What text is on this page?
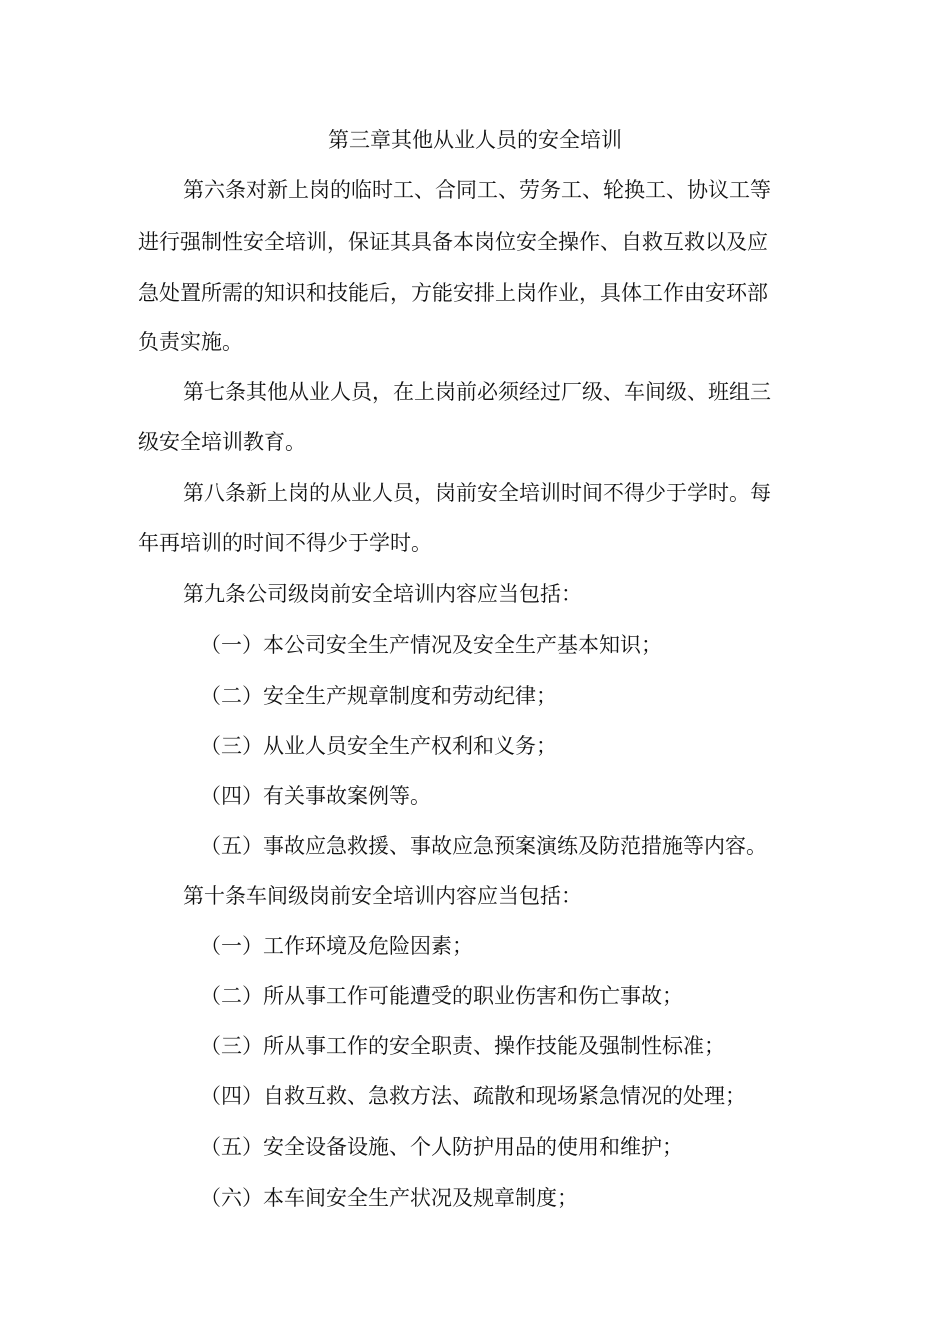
第三章其他从业人员的安全培训
第六条对新上岗的临时工、合同工、劳务工、轮换工、协议工等
进行强制性安全培训，保证其具备本岗位安全操作、自救互救以及应
急处置所需的知识和技能后，方能安排上岗作业，具体工作由安环部
负责实施。
第七条其他从业人员，在上岗前必须经过厂级、车间级、班组三
级安全培训教育。
第八条新上岗的从业人员，岗前安全培训时间不得少于学时。每
年再培训的时间不得少于学时。
第九条公司级岗前安全培训内容应当包括：
（一）本公司安全生产情况及安全生产基本知识；
（二）安全生产规章制度和劳动纪律；
（三）从业人员安全生产权利和义务；
（四）有关事故案例等。
（五）事故应急救援、事故应急预案演练及防范措施等内容。
第十条车间级岗前安全培训内容应当包括：
（一）工作环境及危险因素；
（二）所从事工作可能遭受的职业伤害和伤亡事故；
（三）所从事工作的安全职责、操作技能及强制性标准；
（四）自救互救、急救方法、疏散和现场紧急情况的处理；
（五）安全设备设施、个人防护用品的使用和维护；
（六）本车间安全生产状况及规章制度；
